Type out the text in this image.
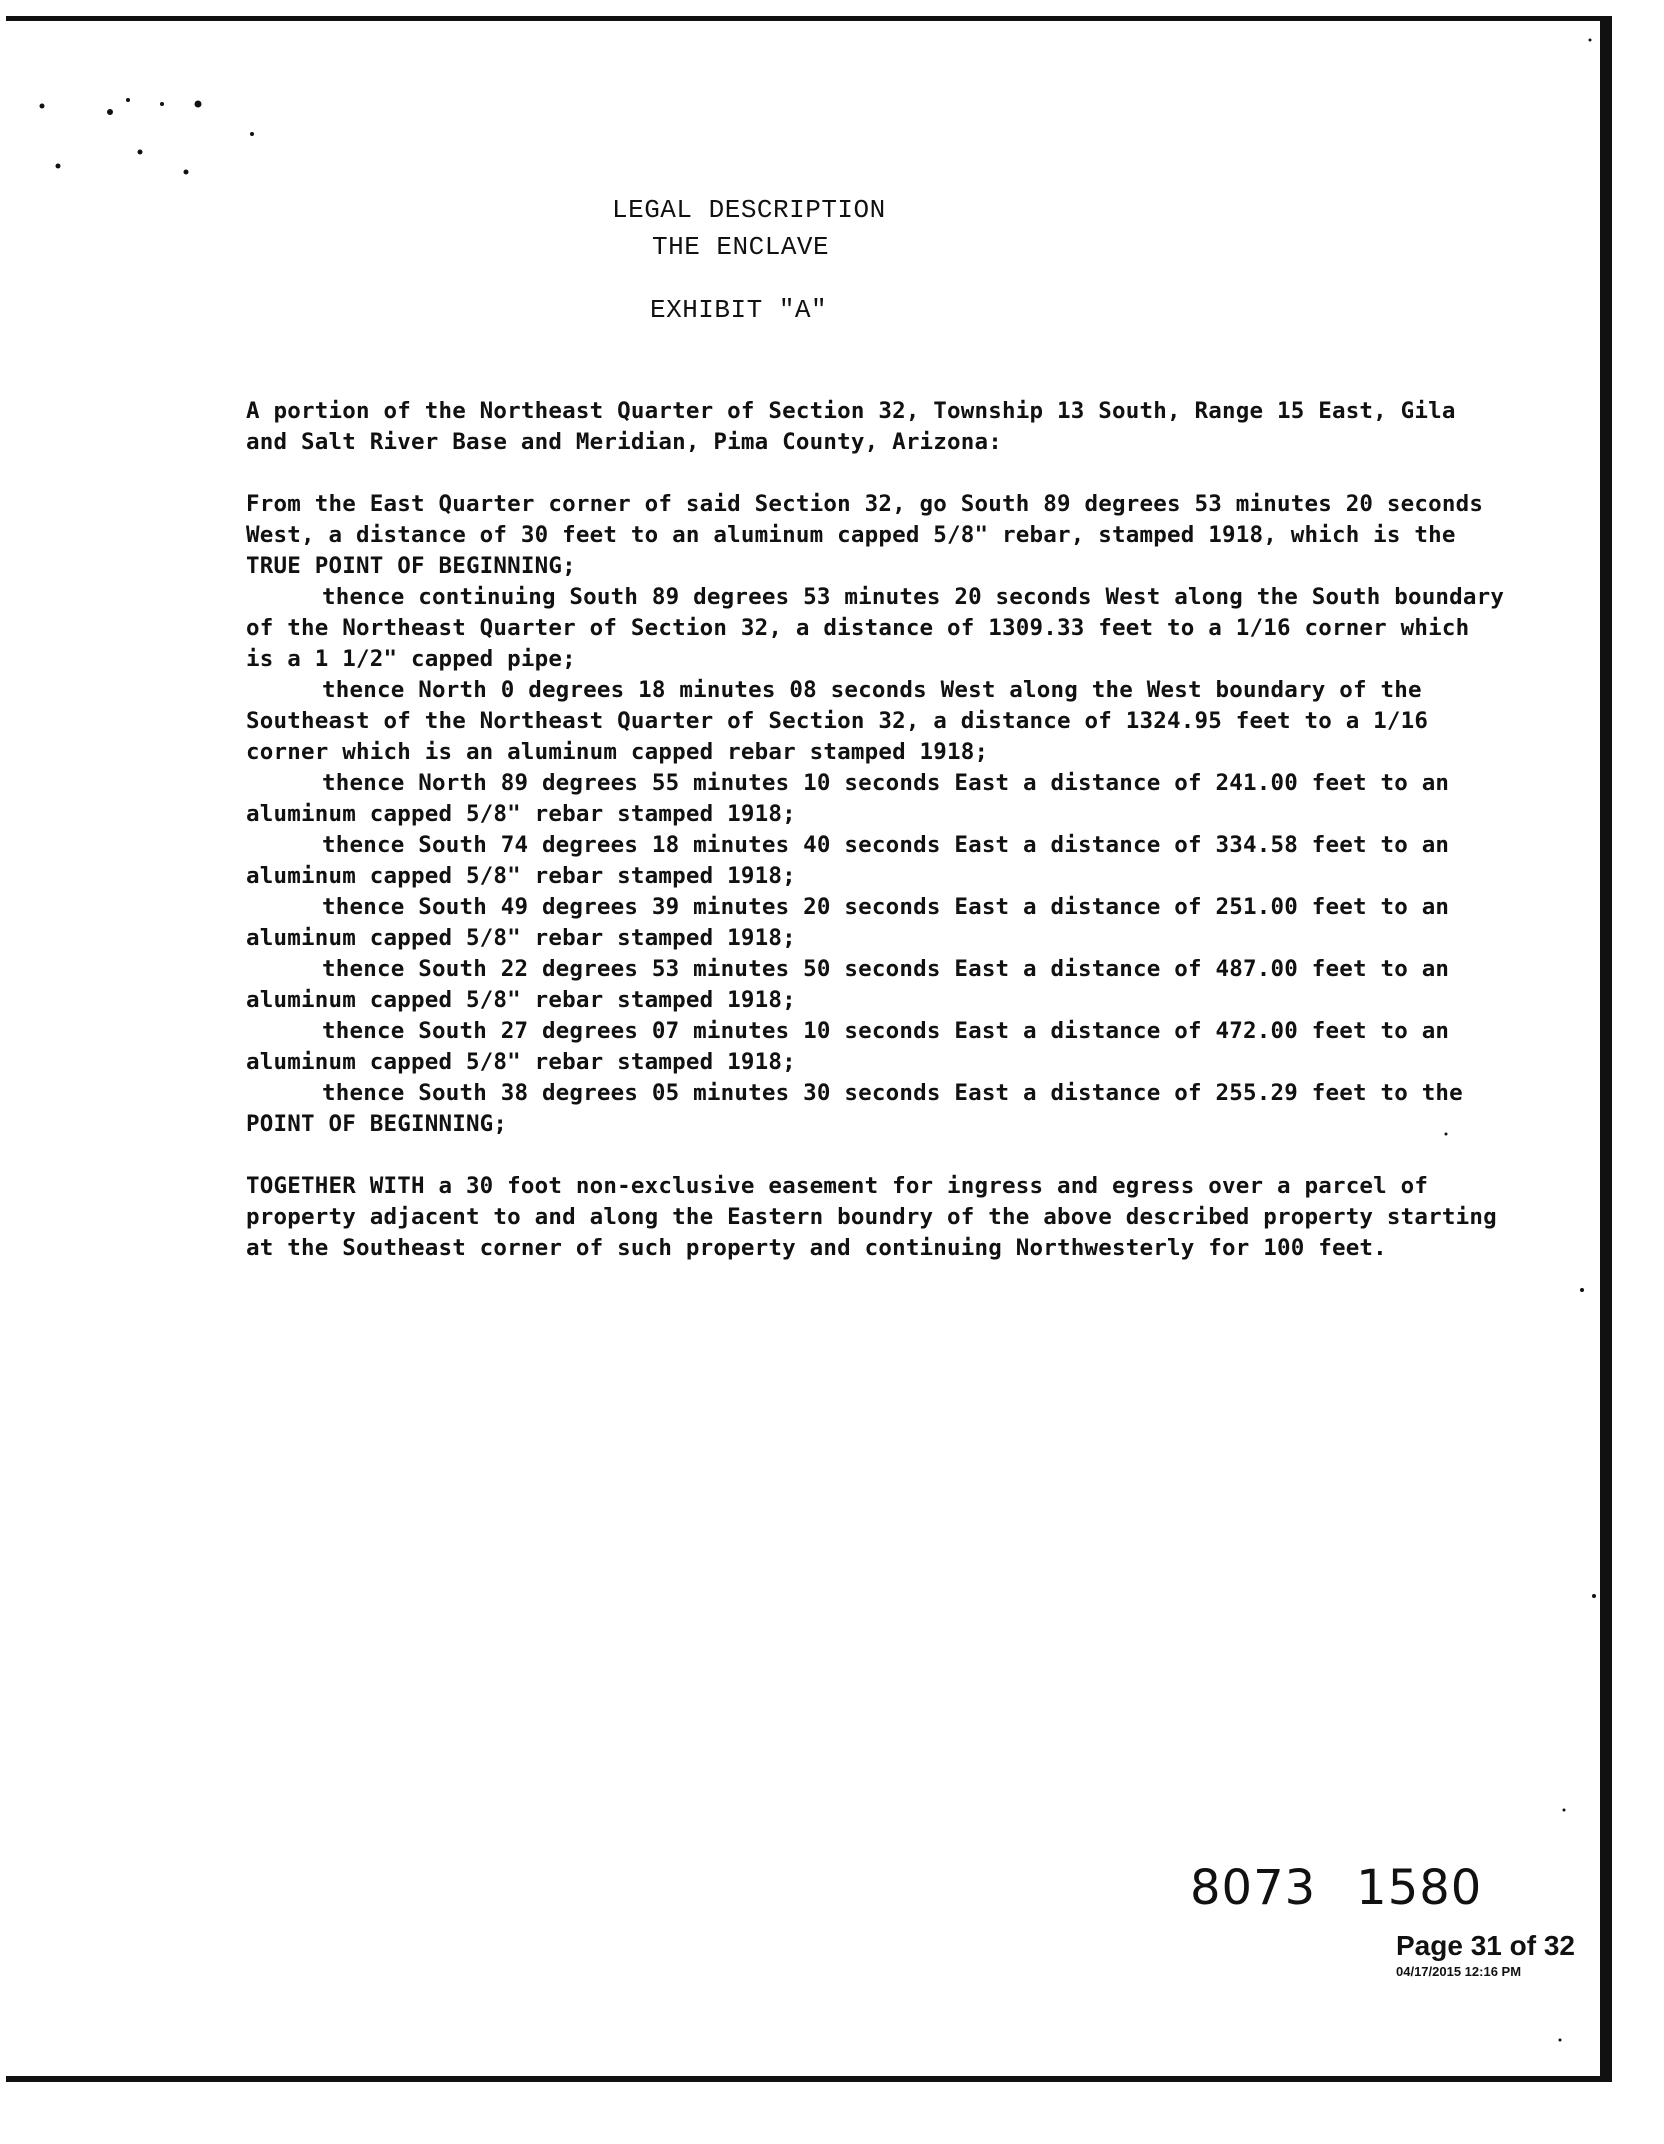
LEGAL DESCRIPTION
THE ENCLAVE
EXHIBIT "A"

A portion of the Northeast Quarter of Section 32, Township 13 South, Range 15 East, Gila and Salt River Base and Meridian, Pima County, Arizona:

From the East Quarter corner of said Section 32, go South 89 degrees 53 minutes 20 seconds West, a distance of 30 feet to an aluminum capped 5/8" rebar, stamped 1918, which is the TRUE POINT OF BEGINNING;

thence continuing South 89 degrees 53 minutes 20 seconds West along the South boundary of the Northeast Quarter of Section 32, a distance of 1309.33 feet to a 1/16 corner which is a 1 1/2" capped pipe;

thence North 0 degrees 18 minutes 08 seconds West along the West boundary of the Southeast of the Northeast Quarter of Section 32, a distance of 1324.95 feet to a 1/16 corner which is an aluminum capped rebar stamped 1918;

thence North 89 degrees 55 minutes 10 seconds East a distance of 241.00 feet to an aluminum capped 5/8" rebar stamped 1918;

thence South 74 degrees 18 minutes 40 seconds East a distance of 334.58 feet to an aluminum capped 5/8" rebar stamped 1918;

thence South 49 degrees 39 minutes 20 seconds East a distance of 251.00 feet to an aluminum capped 5/8" rebar stamped 1918;

thence South 22 degrees 53 minutes 50 seconds East a distance of 487.00 feet to an aluminum capped 5/8" rebar stamped 1918;

thence South 27 degrees 07 minutes 10 seconds East a distance of 472.00 feet to an aluminum capped 5/8" rebar stamped 1918;

thence South 38 degrees 05 minutes 30 seconds East a distance of 255.29 feet to the POINT OF BEGINNING;

TOGETHER WITH a 30 foot non-exclusive easement for ingress and egress over a parcel of property adjacent to and along the Eastern boundry of the above described property starting at the Southeast corner of such property and continuing Northwesterly for 100 feet.

8073 1580
Page 31 of 32
04/17/2015 12:16 PM
